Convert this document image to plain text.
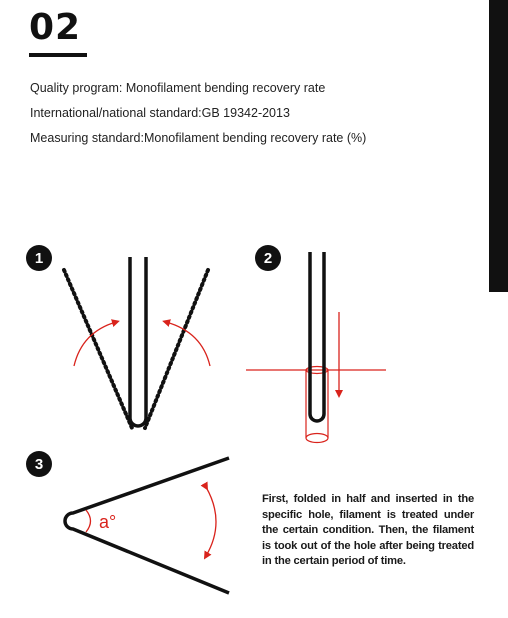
02
Quality program: Monofilament bending recovery rate
International/national standard:GB 19342-2013
Measuring standard:Monofilament bending recovery rate (%)
1	2
3
a°
First, folded in half and inserted in the specific hole, filament is treated under the certain condition. Then, the filament is took out of the hole after being treated in the certain period of time.
